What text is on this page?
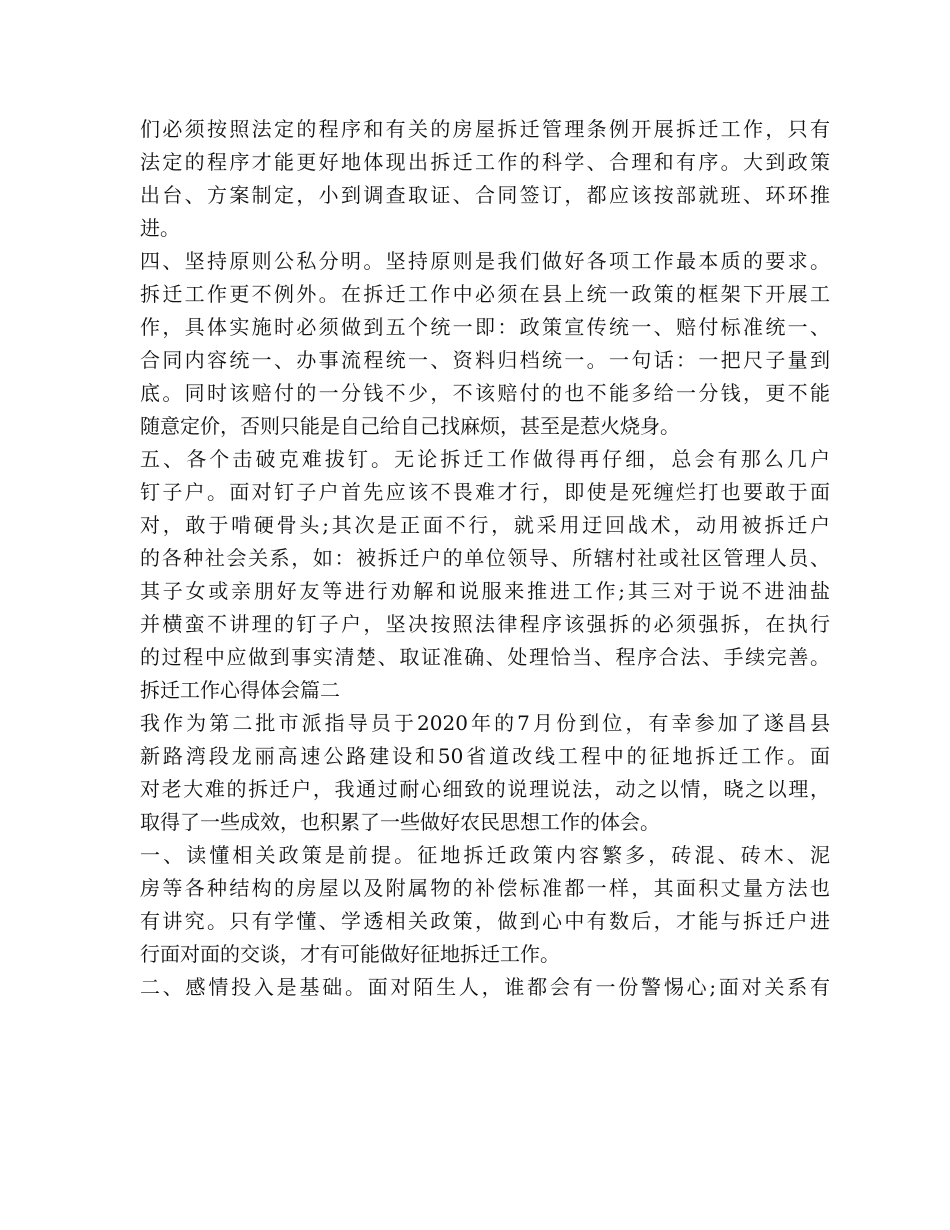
们必须按照法定的程序和有关的房屋拆迁管理条例开展拆迁工作，只有
法定的程序才能更好地体现出拆迁工作的科学、合理和有序。大到政策
出台、方案制定，小到调查取证、合同签订，都应该按部就班、环环推
进。
四、坚持原则公私分明。坚持原则是我们做好各项工作最本质的要求。
拆迁工作更不例外。在拆迁工作中必须在县上统一政策的框架下开展工
作，具体实施时必须做到五个统一即：政策宣传统一、赔付标准统一、
合同内容统一、办事流程统一、资料归档统一。一句话：一把尺子量到
底。同时该赔付的一分钱不少，不该赔付的也不能多给一分钱，更不能
随意定价，否则只能是自己给自己找麻烦，甚至是惹火烧身。
五、各个击破克难拔钉。无论拆迁工作做得再仔细，总会有那么几户
钉子户。面对钉子户首先应该不畏难才行，即使是死缠烂打也要敢于面
对，敢于啃硬骨头;其次是正面不行，就采用迂回战术，动用被拆迁户
的各种社会关系，如：被拆迁户的单位领导、所辖村社或社区管理人员、
其子女或亲朋好友等进行劝解和说服来推进工作;其三对于说不进油盐
并横蛮不讲理的钉子户，坚决按照法律程序该强拆的必须强拆，在执行
的过程中应做到事实清楚、取证准确、处理恰当、程序合法、手续完善。
拆迁工作心得体会篇二
我作为第二批市派指导员于2020年的7月份到位，有幸参加了遂昌县
新路湾段龙丽高速公路建设和50省道改线工程中的征地拆迁工作。面
对老大难的拆迁户，我通过耐心细致的说理说法，动之以情，晓之以理，
取得了一些成效，也积累了一些做好农民思想工作的体会。
一、读懂相关政策是前提。征地拆迁政策内容繁多，砖混、砖木、泥
房等各种结构的房屋以及附属物的补偿标准都一样，其面积丈量方法也
有讲究。只有学懂、学透相关政策，做到心中有数后，才能与拆迁户进
行面对面的交谈，才有可能做好征地拆迁工作。
二、感情投入是基础。面对陌生人，谁都会有一份警惕心;面对关系有
